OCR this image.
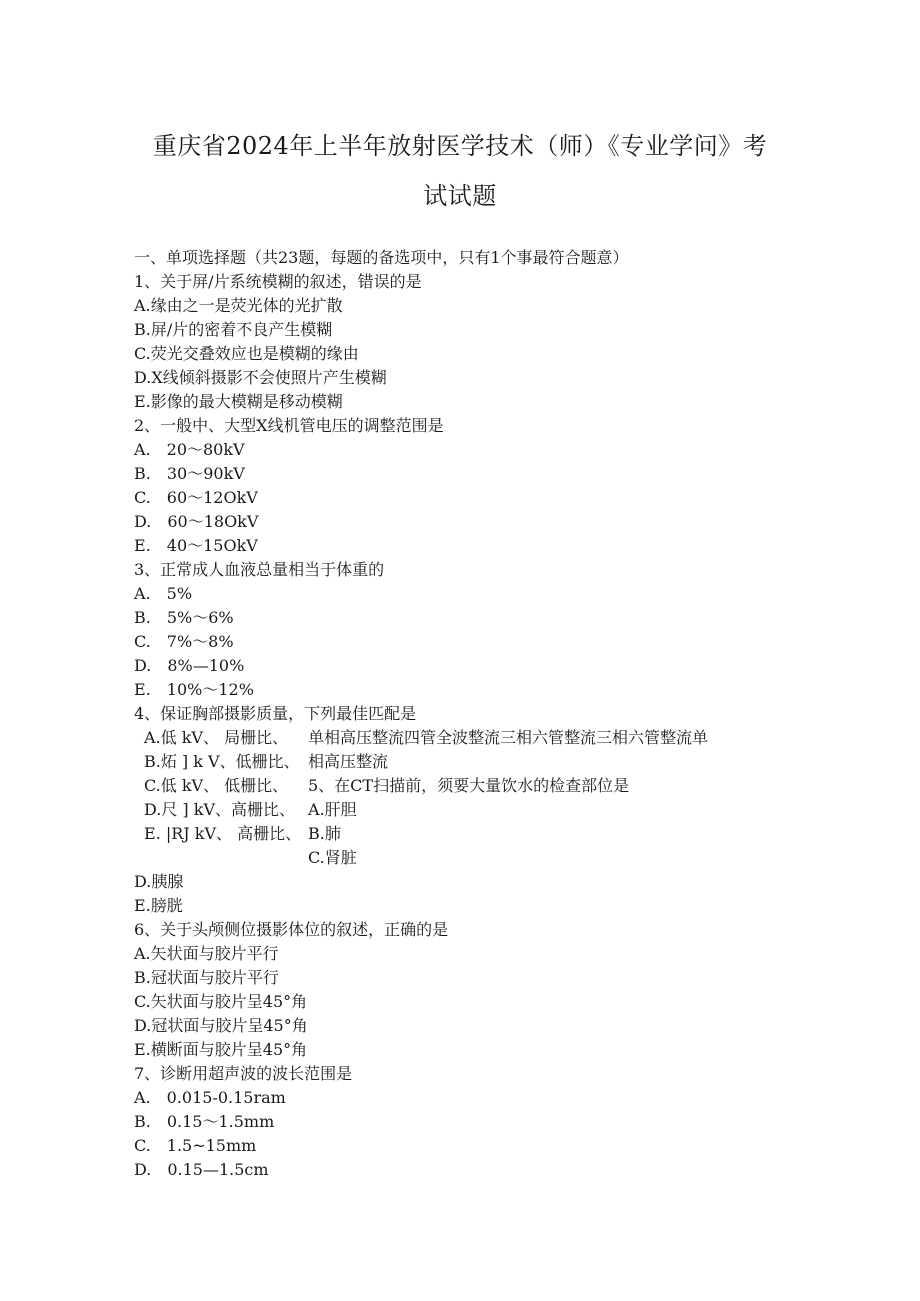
重庆省2024年上半年放射医学技术（师）《专业学问》考
试试题
一、单项选择题（共23题，每题的备选项中，只有1个事最符合题意）
1、关于屏/片系统模糊的叙述，错误的是
A.缘由之一是荧光体的光扩散
B.屏/片的密着不良产生模糊
C.荧光交叠效应也是模糊的缘由
D.X线倾斜摄影不会使照片产生模糊
E.影像的最大模糊是移动模糊
2、一般中、大型X线机管电压的调整范围是
A.　20～80kV
B.　30～90kV
C.　60～12OkV
D.　60～18OkV
E.　40～15OkV
3、正常成人血液总量相当于体重的
A.　5%
B.　5%～6%
C.　7%～8%
D.　8%—10%
E.　10%～12%
4、保证胸部摄影质量，下列最佳匹配是
A.低 kV、 局栅比、
B.炻 ] k V、低栅比、
C.低 kV、 低栅比、
D.尺 ] kV、高栅比、
E. |RJ kV、 高栅比、
单相高压整流四管全波整流三相六管整流三相六管整流单
相高压整流
5、在CT扫描前，须要大量饮水的检查部位是
A.肝胆
B.肺
C.肾脏
D.胰腺
E.膀胱
6、关于头颅侧位摄影体位的叙述，正确的是
A.矢状面与胶片平行
B.冠状面与胶片平行
C.矢状面与胶片呈45°角
D.冠状面与胶片呈45°角
E.横断面与胶片呈45°角
7、诊断用超声波的波长范围是
A.　0.015-0.15ram
B.　0.15～1.5mm
C.　1.5~15mm
D.　0.15—1.5cm
